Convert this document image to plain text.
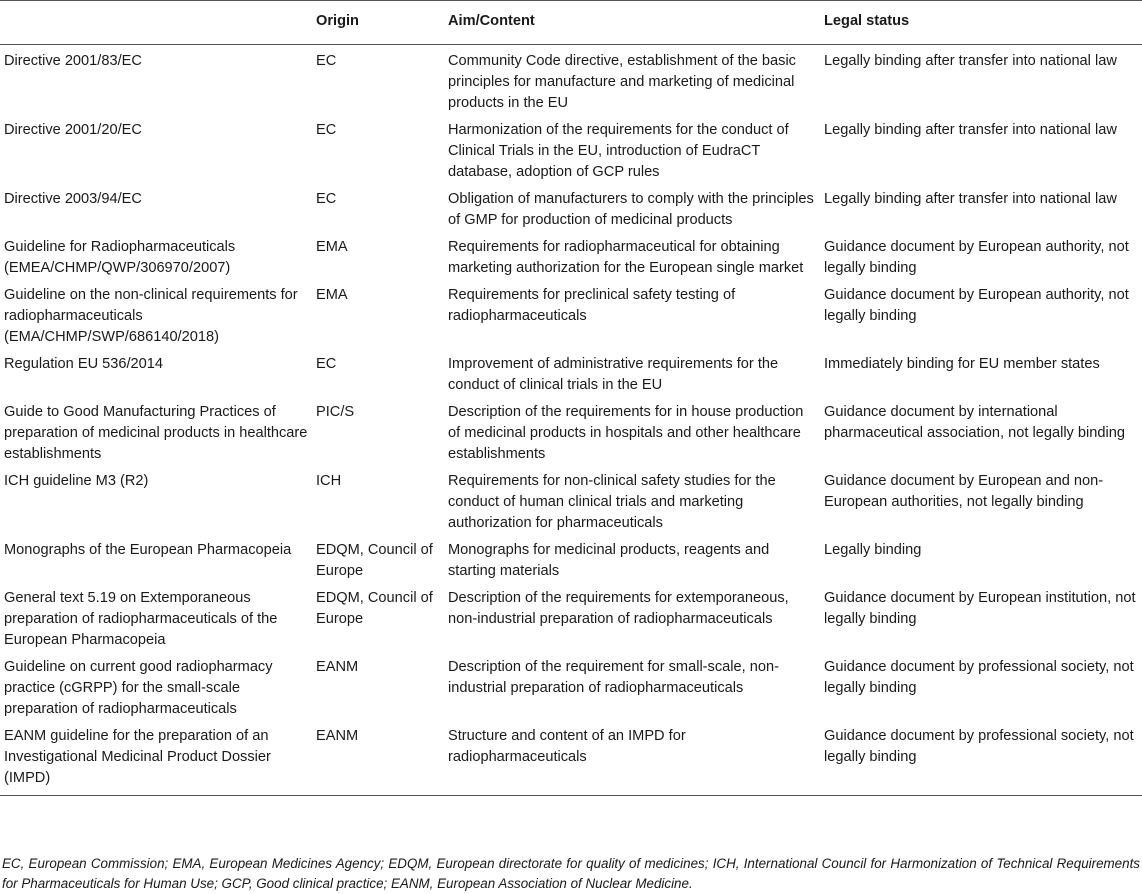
	Origin	Aim/Content	Legal status
Directive 2001/83/EC	EC	Community Code directive, establishment of the basic principles for manufacture and marketing of medicinal products in the EU	Legally binding after transfer into national law
Directive 2001/20/EC	EC	Harmonization of the requirements for the conduct of Clinical Trials in the EU, introduction of EudraCT database, adoption of GCP rules	Legally binding after transfer into national law
Directive 2003/94/EC	EC	Obligation of manufacturers to comply with the principles of GMP for production of medicinal products	Legally binding after transfer into national law
Guideline for Radiopharmaceuticals (EMEA/CHMP/QWP/306970/2007)	EMA	Requirements for radiopharmaceutical for obtaining marketing authorization for the European single market	Guidance document by European authority, not legally binding
Guideline on the non-clinical requirements for radiopharmaceuticals (EMA/CHMP/SWP/686140/2018)	EMA	Requirements for preclinical safety testing of radiopharmaceuticals	Guidance document by European authority, not legally binding
Regulation EU 536/2014	EC	Improvement of administrative requirements for the conduct of clinical trials in the EU	Immediately binding for EU member states
Guide to Good Manufacturing Practices of preparation of medicinal products in healthcare establishments	PIC/S	Description of the requirements for in house production of medicinal products in hospitals and other healthcare establishments	Guidance document by international pharmaceutical association, not legally binding
ICH guideline M3 (R2)	ICH	Requirements for non-clinical safety studies for the conduct of human clinical trials and marketing authorization for pharmaceuticals	Guidance document by European and non-European authorities, not legally binding
Monographs of the European Pharmacopeia	EDQM, Council of Europe	Monographs for medicinal products, reagents and starting materials	Legally binding
General text 5.19 on Extemporaneous preparation of radiopharmaceuticals of the European Pharmacopeia	EDQM, Council of Europe	Description of the requirements for extemporaneous, non-industrial preparation of radiopharmaceuticals	Guidance document by European institution, not legally binding
Guideline on current good radiopharmacy practice (cGRPP) for the small-scale preparation of radiopharmaceuticals	EANM	Description of the requirement for small-scale, non-industrial preparation of radiopharmaceuticals	Guidance document by professional society, not legally binding
EANM guideline for the preparation of an Investigational Medicinal Product Dossier (IMPD)	EANM	Structure and content of an IMPD for radiopharmaceuticals	Guidance document by professional society, not legally binding
EC, European Commission; EMA, European Medicines Agency; EDQM, European directorate for quality of medicines; ICH, International Council for Harmonization of Technical Requirements for Pharmaceuticals for Human Use; GCP, Good clinical practice; EANM, European Association of Nuclear Medicine.
